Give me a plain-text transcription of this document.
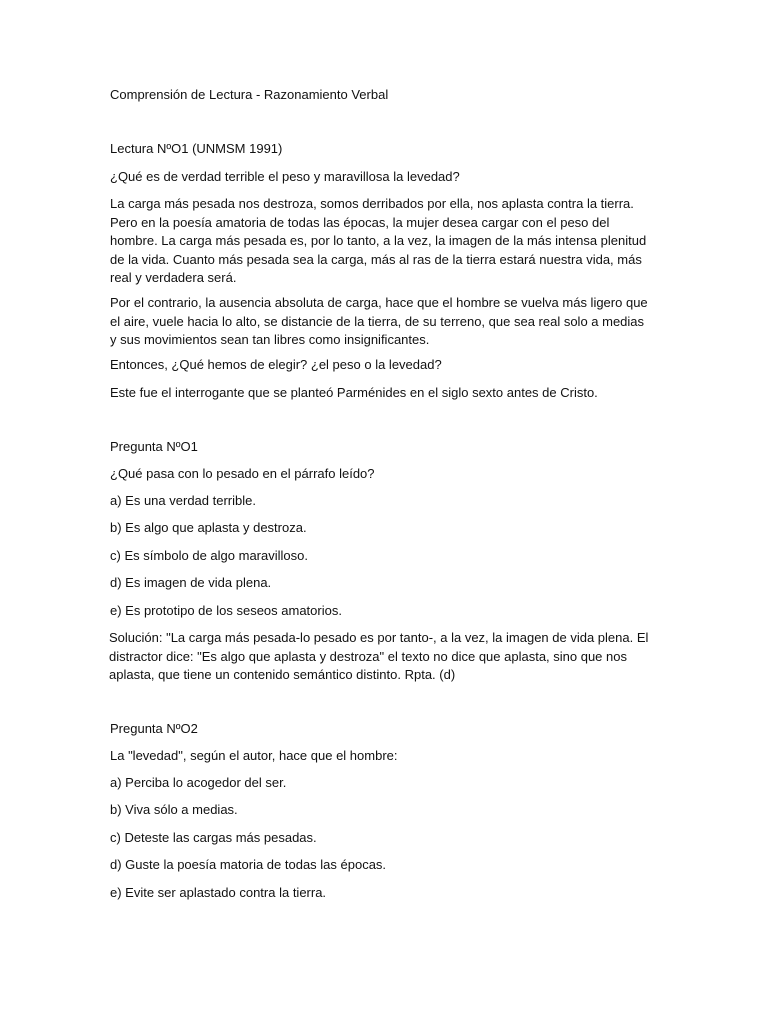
Comprensión de Lectura - Razonamiento Verbal
Lectura NºO1 (UNMSM 1991)
¿Qué es de verdad terrible el peso y maravillosa la levedad?
La carga más pesada nos destroza, somos derribados por ella, nos aplasta contra la tierra. Pero en la poesía amatoria de todas las épocas, la mujer desea cargar con el peso del hombre. La carga más pesada es, por lo tanto, a la vez, la imagen de la más intensa plenitud de la vida. Cuanto más pesada sea la carga, más al ras de la tierra estará nuestra vida, más real y verdadera será.
Por el contrario, la ausencia absoluta de carga, hace que el hombre se vuelva más ligero que el aire, vuele hacia lo alto, se distancie de la tierra, de su terreno, que sea real solo a medias y sus movimientos sean tan libres como insignificantes.
Entonces, ¿Qué hemos de elegir? ¿el peso o la levedad?
Este fue el interrogante que se planteó Parménides en el siglo sexto antes de Cristo.
Pregunta NºO1
¿Qué pasa con lo pesado en el párrafo leído?
a) Es una verdad terrible.
b) Es algo que aplasta y destroza.
c) Es símbolo de algo maravilloso.
d) Es imagen de vida plena.
e) Es prototipo de los seseos amatorios.
Solución: "La carga más pesada-lo pesado es por tanto-, a la vez, la imagen de vida plena. El distractor dice: "Es algo que aplasta y destroza" el texto no dice que aplasta, sino que nos aplasta, que tiene un contenido semántico distinto. Rpta. (d)
Pregunta NºO2
La "levedad", según el autor, hace que el hombre:
a) Perciba lo acogedor del ser.
b) Viva sólo a medias.
c) Deteste las cargas más pesadas.
d) Guste la poesía matoria de todas las épocas.
e) Evite ser aplastado contra la tierra.
